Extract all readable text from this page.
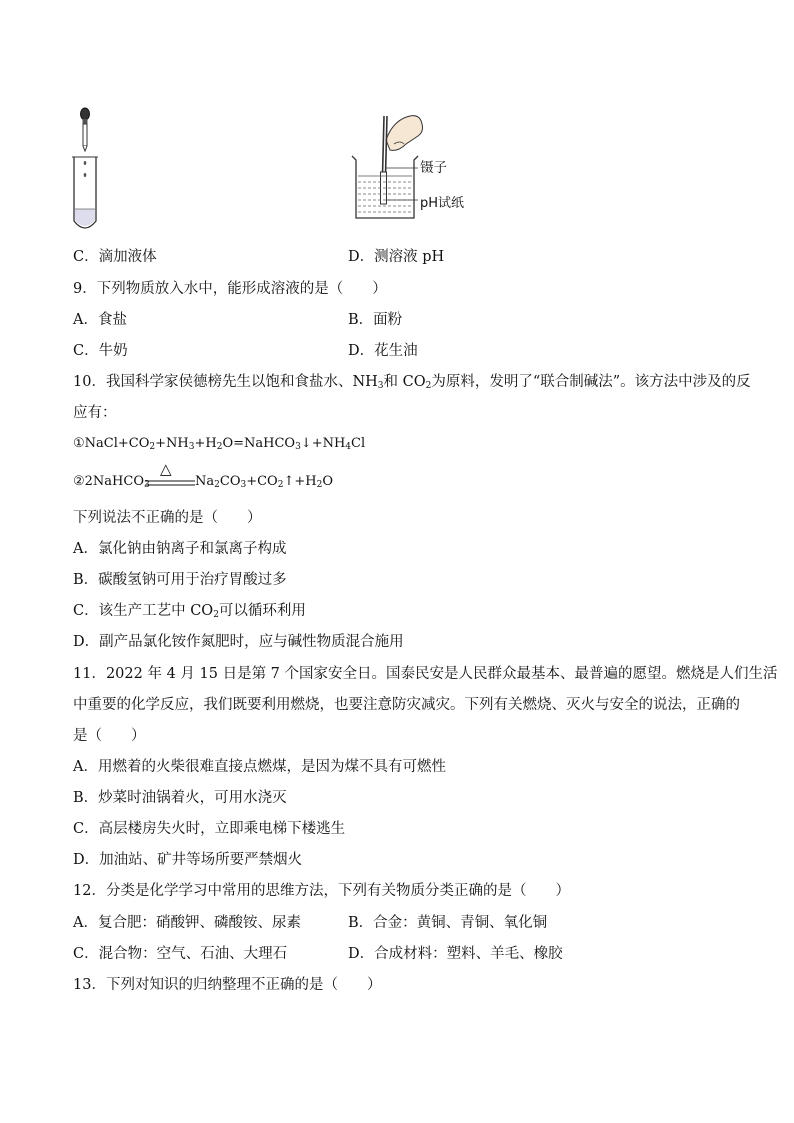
镊子
pH试纸
C．滴加液体	D．测溶液 pH
9．下列物质放入水中，能形成溶液的是（　　）
A．食盐	B．面粉
C．牛奶	D．花生油
10．我国科学家侯德榜先生以饱和食盐水、$NH_3$和 $CO_2$为原料，发明了“联合制碱法”。该方法中涉及的反
应有：
$①NaCl+CO_2+NH_3+H_2O=NaHCO_3↓+NH_4Cl$
②2NaHCO$_3$
△
$Na_2CO_3+CO_2↑+H_2O$
下列说法不正确的是（　　）
A．氯化钠由钠离子和氯离子构成
B．碳酸氢钠可用于治疗胃酸过多
C．该生产工艺中 $CO_2$可以循环利用
D．副产品氯化铵作氮肥时，应与碱性物质混合施用
11．2022 年 4 月 15 日是第 7 个国家安全日。国泰民安是人民群众最基本、最普遍的愿望。燃烧是人们生活
中重要的化学反应，我们既要利用燃烧，也要注意防灾减灾。下列有关燃烧、灭火与安全的说法，正确的
是（　　）
A．用燃着的火柴很难直接点燃煤，是因为煤不具有可燃性
B．炒菜时油锅着火，可用水浇灭
C．高层楼房失火时，立即乘电梯下楼逃生
D．加油站、矿井等场所要严禁烟火
12．分类是化学学习中常用的思维方法，下列有关物质分类正确的是（　　）
A．复合肥：硝酸钾、磷酸铵、尿素	B．合金：黄铜、青铜、氧化铜
C．混合物：空气、石油、大理石	D．合成材料：塑料、羊毛、橡胶
13．下列对知识的归纳整理不正确的是（　　）
